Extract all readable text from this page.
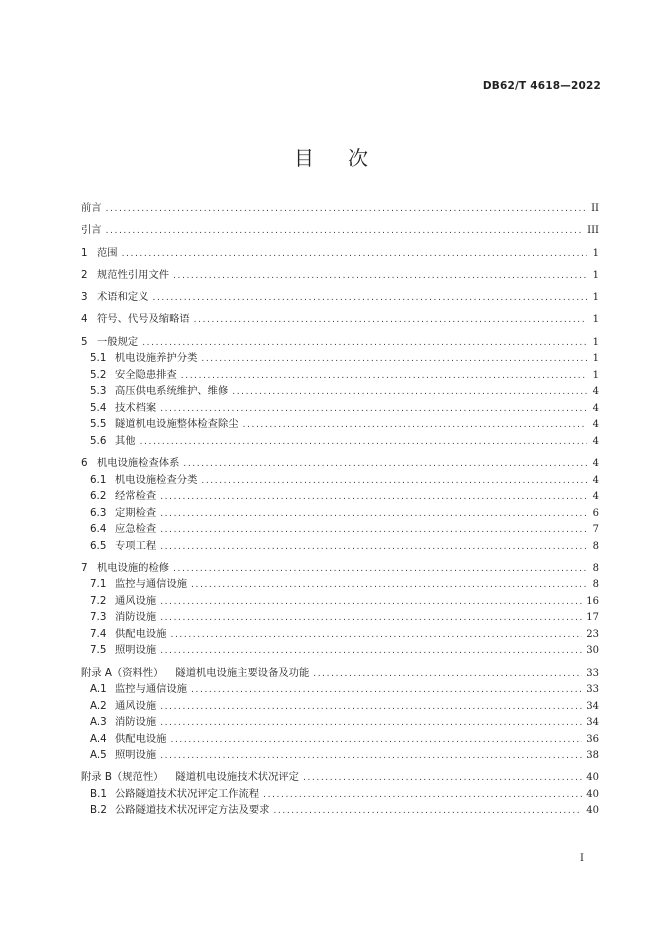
DB62/T 4618—2022
目次
前言 .....	II
引言 .....	III
1 范围 .....	1
2 规范性引用文件 .....	1
3 术语和定义 .....	1
4 符号、代号及缩略语 .....	1
5 一般规定 .....	1
5.1 机电设施养护分类 .....	1
5.2 安全隐患排查 .....	1
5.3 高压供电系统维护、维修 .....	4
5.4 技术档案 .....	4
5.5 隧道机电设施整体检查除尘 .....	4
5.6 其他 .....	4
6 机电设施检查体系 .....	4
6.1 机电设施检查分类 .....	4
6.2 经常检查 .....	4
6.3 定期检查 .....	6
6.4 应急检查 .....	7
6.5 专项工程 .....	8
7 机电设施的检修 .....	8
7.1 监控与通信设施 .....	8
7.2 通风设施 .....	16
7.3 消防设施 .....	17
7.4 供配电设施 .....	23
7.5 照明设施 .....	30
附录 A（资料性） 隧道机电设施主要设备及功能 .....	33
A.1 监控与通信设施 .....	33
A.2 通风设施 .....	34
A.3 消防设施 .....	34
A.4 供配电设施 .....	36
A.5 照明设施 .....	38
附录 B（规范性） 隧道机电设施技术状况评定 .....	40
B.1 公路隧道技术状况评定工作流程 .....	40
B.2 公路隧道技术状况评定方法及要求 .....	40
I
